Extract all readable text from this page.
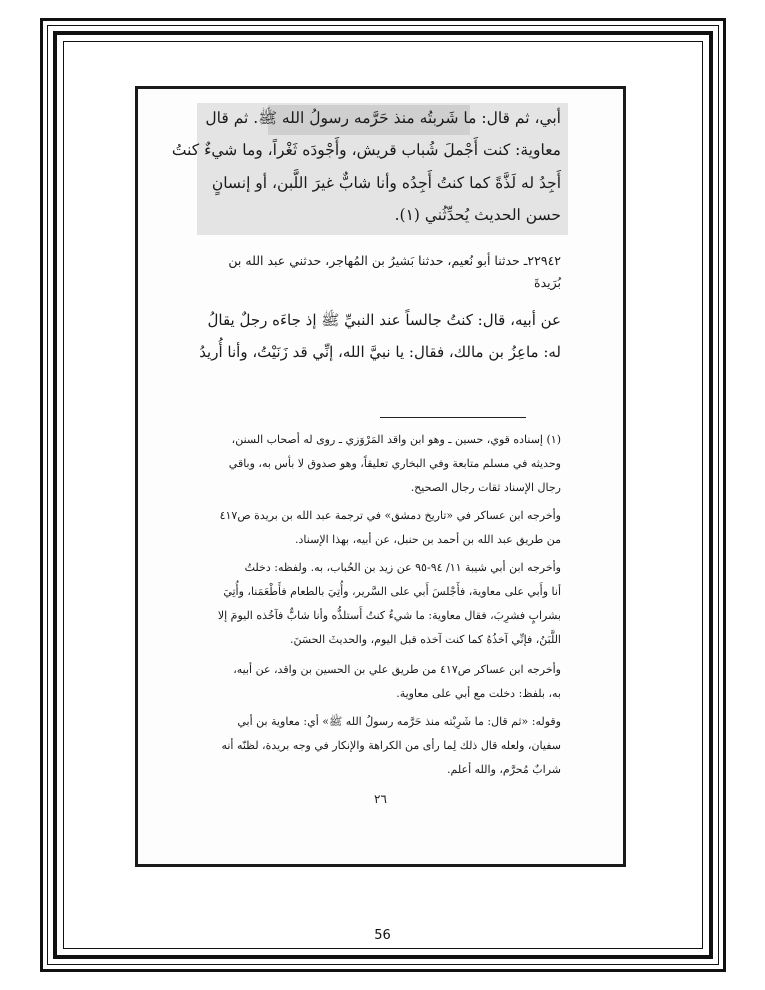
أبي، ثم قال: ما شَربتُه منذ حَرَّمه رسولُ الله ﷺ. ثم قال
معاوية: كنت أَجْملَ شُباب قريش، وأَجْودَه ثَغْراً، وما شيءٌ كنتُ
أَجِدُ له لَذَّةً كما كنتُ أَجِدُه وأنا شابٌّ غيرَ اللَّبن، أو إنسانٍ
حسن الحديث يُحدِّثُني (١).
٢٢٩٤٢ـ حدثنا أبو نُعيم، حدثنا بَشيرُ بن المُهاجر، حدثني عبد الله بن
بُرَيدةَ
عن أبيه، قال: كنتُ جالساً عند النبيِّ ﷺ إذ جاءَه رجلٌ يقالُ
له: ماعِزُ بن مالك، فقال: يا نبيَّ الله، إنِّي قد زَنَيْتُ، وأنا أُريدُ
(١) إسناده قوي، حسين ـ وهو ابن واقد المَرْوَزي ـ روى له أصحاب السنن،
وحديثه في مسلم متابعة وفي البخاري تعليقاً، وهو صدوق لا بأس به، وباقي
رجال الإسناد ثقات رجال الصحيح.
وأخرجه ابن عساكر في «تاريخ دمشق» في ترجمة عبد الله بن بريدة ص٤١٧
من طريق عبد الله بن أحمد بن حنبل، عن أبيه، بهذا الإسناد.
وأخرجه ابن أبي شيبة ١١/ ٩٤-٩٥ عن زيد بن الحُباب، به. ولفظه: دخلتُ
أنا وأَبي على معاوية، فأَجْلسَ أَبي على السَّرير، وأُتِيَ بالطعام فأَطْعَمَنا، وأُتِيَ
بشرابٍ فشرِبَ، فقال معاوية: ما شيءٌ كنتُ أَستلذُّه وأنا شابٌّ فآخُذه اليومَ إلا
اللَّبَنُ، فإنِّي آخذُهُ كما كنت آخذه قبل اليوم، والحديثَ الحسَنَ.
وأخرجه ابن عساكر ص٤١٧ من طريق علي بن الحسين بن واقد، عن أبيه،
به، بلفظ: دخلت مع أبي على معاوية.
وقوله: «ثم قال: ما شَرِبْته منذ حَرَّمه رسولُ الله ﷺ» أي: معاوية بن أبي
سفيان، ولعله قال ذلك لِما رأى من الكراهة والإنكار في وجه بريدة، لظنّه أنه
شرابٌ مُحرَّم، والله أعلم.
٢٦
56
